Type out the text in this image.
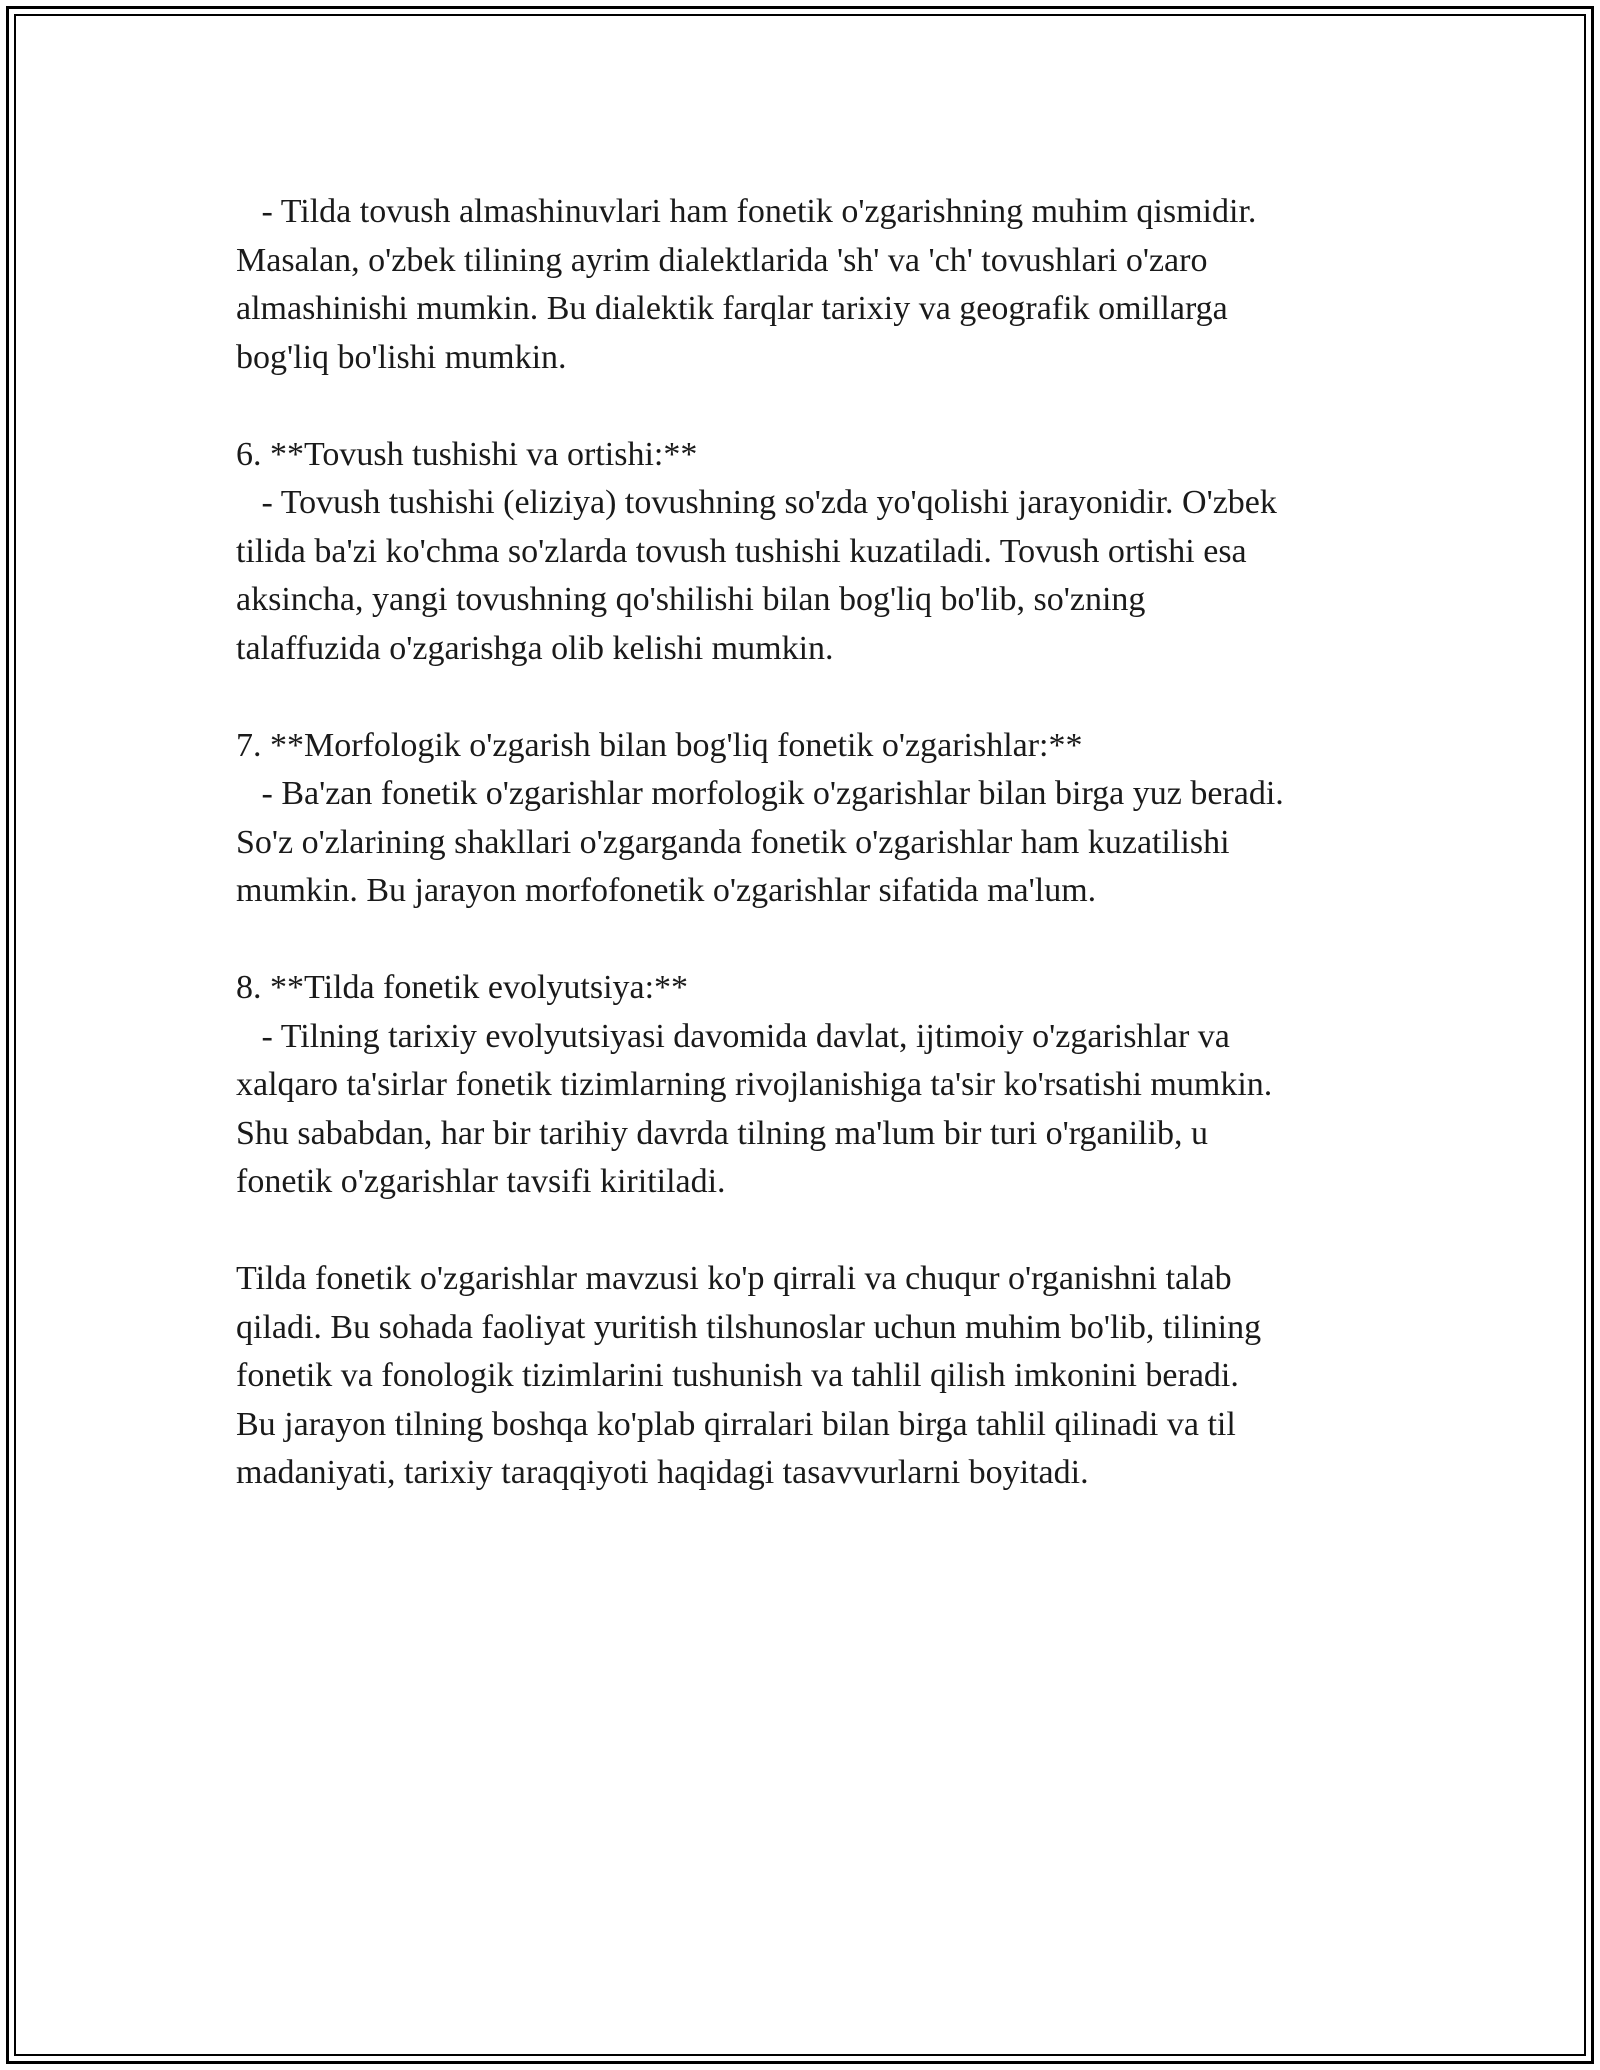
- Tilda tovush almashinuvlari ham fonetik o'zgarishning muhim qismidir.
Masalan, o'zbek tilining ayrim dialektlarida 'sh' va 'ch' tovushlari o'zaro
almashinishi mumkin. Bu dialektik farqlar tarixiy va geografik omillarga
bog'liq bo'lishi mumkin.
6. **Tovush tushishi va ortishi:**
- Tovush tushishi (eliziya) tovushning so'zda yo'qolishi jarayonidir. O'zbek
tilida ba'zi ko'chma so'zlarda tovush tushishi kuzatiladi. Tovush ortishi esa
aksincha, yangi tovushning qo'shilishi bilan bog'liq bo'lib, so'zning
talaffuzida o'zgarishga olib kelishi mumkin.
7. **Morfologik o'zgarish bilan bog'liq fonetik o'zgarishlar:**
- Ba'zan fonetik o'zgarishlar morfologik o'zgarishlar bilan birga yuz beradi.
So'z o'zlarining shakllari o'zgarganda fonetik o'zgarishlar ham kuzatilishi
mumkin. Bu jarayon morfofonetik o'zgarishlar sifatida ma'lum.
8. **Tilda fonetik evolyutsiya:**
- Tilning tarixiy evolyutsiyasi davomida davlat, ijtimoiy o'zgarishlar va
xalqaro ta'sirlar fonetik tizimlarning rivojlanishiga ta'sir ko'rsatishi mumkin.
Shu sababdan, har bir tarihiy davrda tilning ma'lum bir turi o'rganilib, u
fonetik o'zgarishlar tavsifi kiritiladi.
Tilda fonetik o'zgarishlar mavzusi ko'p qirrali va chuqur o'rganishni talab
qiladi. Bu sohada faoliyat yuritish tilshunoslar uchun muhim bo'lib, tilining
fonetik va fonologik tizimlarini tushunish va tahlil qilish imkonini beradi.
Bu jarayon tilning boshqa ko'plab qirralari bilan birga tahlil qilinadi va til
madaniyati, tarixiy taraqqiyoti haqidagi tasavvurlarni boyitadi.
